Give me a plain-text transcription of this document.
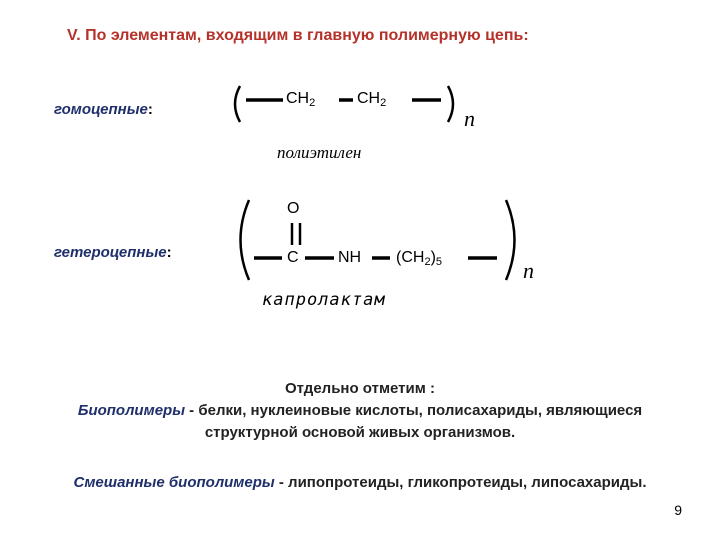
V. По элементам, входящим в главную полимерную цепь:
гомоцепные:
$CH_2$	$CH_2$
n
полиэтилен
гетероцепные:
O
C NH $(CH_2)_5$	n
капролактам
Отдельно отметим :
Биополимеры - белки, нуклеиновые кислоты, полисахариды, являющиеся структурной основой живых организмов.
Смешанные биополимеры - липопротеиды, гликопротеиды, липосахариды.
9
